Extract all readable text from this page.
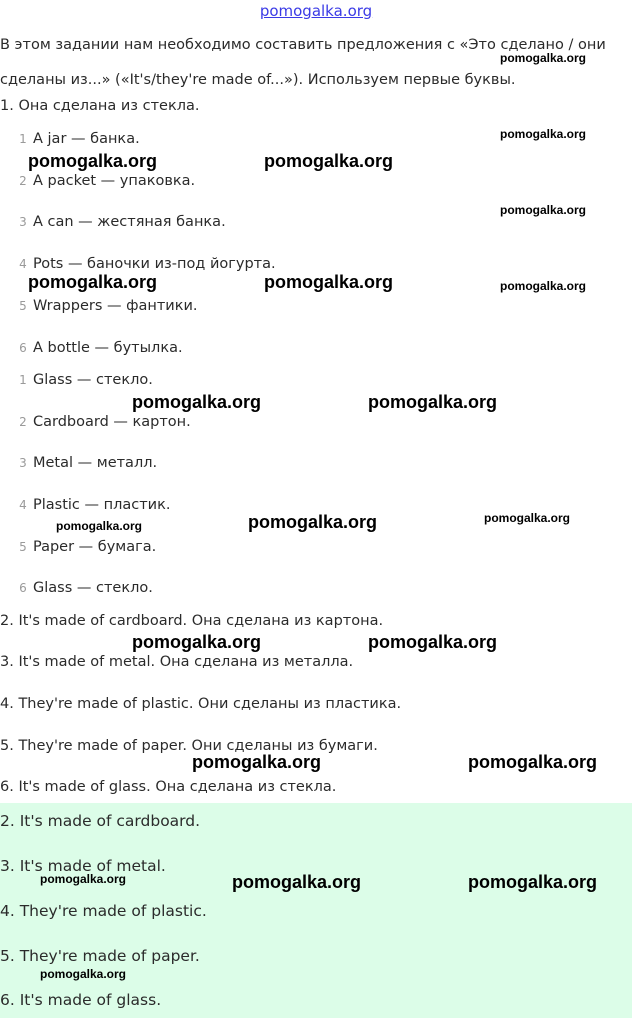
pomogalka.org

В этом задании нам необходимо составить предложения с «Это сделано / они сделаны из...» («It's/they're made of...»). Используем первые буквы.

1. Она сделана из стекла.
1 A jar — банка.
2 A packet — упаковка.
3 A can — жестяная банка.
4 Pots — баночки из-под йогурта.
5 Wrappers — фантики.
6 A bottle — бутылка.
1 Glass — стекло.
2 Cardboard — картон.
3 Metal — металл.
4 Plastic — пластик.
5 Paper — бумага.
6 Glass — стекло.
2. It's made of cardboard. Она сделана из картона.
3. It's made of metal. Она сделана из металла.
4. They're made of plastic. Они сделаны из пластика.
5. They're made of paper. Они сделаны из бумаги.
6. It's made of glass. Она сделана из стекла.
2. It's made of cardboard.
3. It's made of metal.
4. They're made of plastic.
5. They're made of paper.
6. It's made of glass.
pomogalka.org
pomogalka.org
pomogalka.org	pomogalka.org
pomogalka.org
pomogalka.org	pomogalka.org	pomogalka.org
pomogalka.org	pomogalka.org
pomogalka.org
pomogalka.org
pomogalka.org
pomogalka.org	pomogalka.org
pomogalka.org	pomogalka.org
pomogalka.org	pomogalka.org	pomogalka.org
pomogalka.org
